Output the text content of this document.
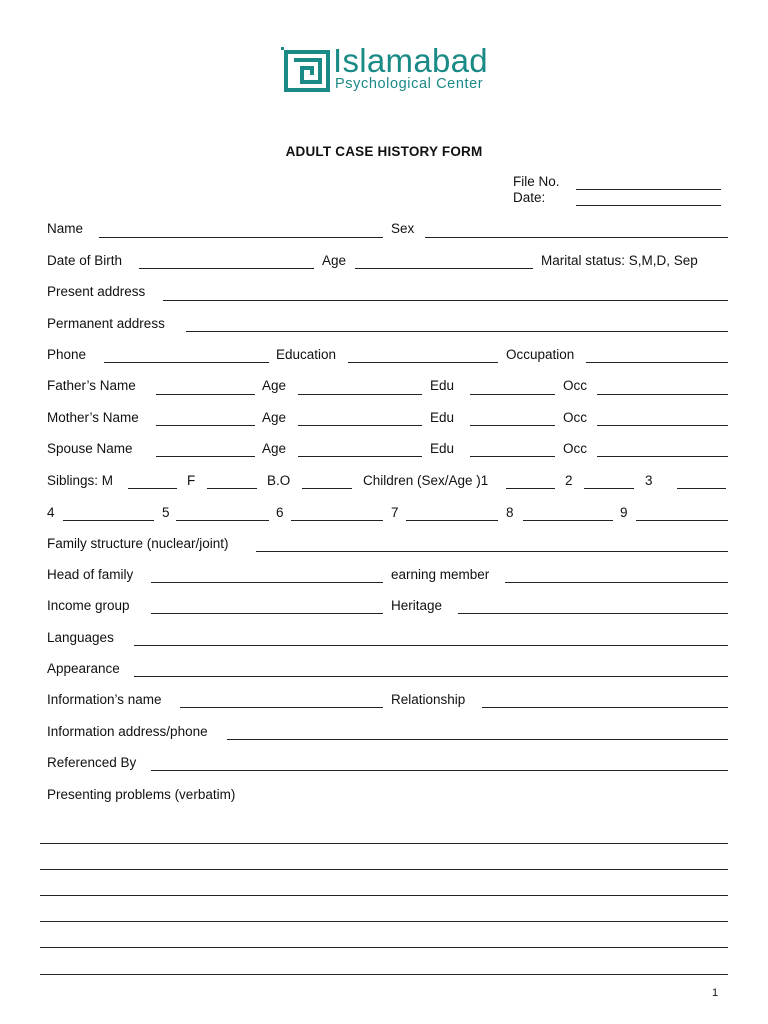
Islamabad
Psychological Center
ADULT CASE HISTORY FORM
File No.
Date:
Name	Sex
Date of Birth	Age	Marital status: S,M,D, Sep
Present address
Permanent address
Phone	Education	Occupation
Father’s Name	Age	Edu	Occ
Mother’s Name	Age	Edu	Occ
Spouse Name	Age	Edu	Occ
Siblings: M	F	B.O	Children (Sex/Age )1	2	3
4	5	6	7	8	9
Family structure (nuclear/joint)
Head of family	earning member
Income group	Heritage
Languages
Appearance
Information’s name	Relationship
Information address/phone
Referenced By
Presenting problems (verbatim)
1
